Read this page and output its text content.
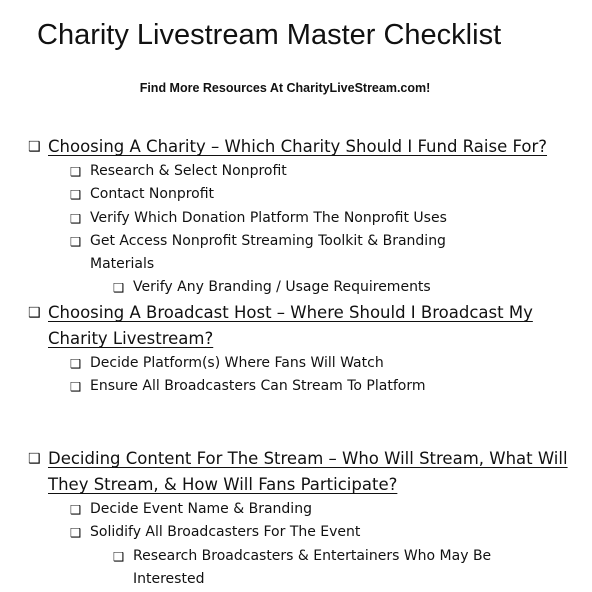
Charity Livestream Master Checklist
Find More Resources At CharityLiveStream.com!
❑ Choosing A Charity – Which Charity Should I Fund Raise For?
❑ Research & Select Nonprofit
❑ Contact Nonprofit
❑ Verify Which Donation Platform The Nonprofit Uses
❑ Get Access Nonprofit Streaming Toolkit & Branding Materials
❑ Verify Any Branding / Usage Requirements
❑ Choosing A Broadcast Host – Where Should I Broadcast My Charity Livestream?
❑ Decide Platform(s) Where Fans Will Watch
❑ Ensure All Broadcasters Can Stream To Platform
❑ Deciding Content For The Stream – Who Will Stream, What Will They Stream, & How Will Fans Participate?
❑ Decide Event Name & Branding
❑ Solidify All Broadcasters For The Event
❑ Research Broadcasters & Entertainers Who May Be Interested
